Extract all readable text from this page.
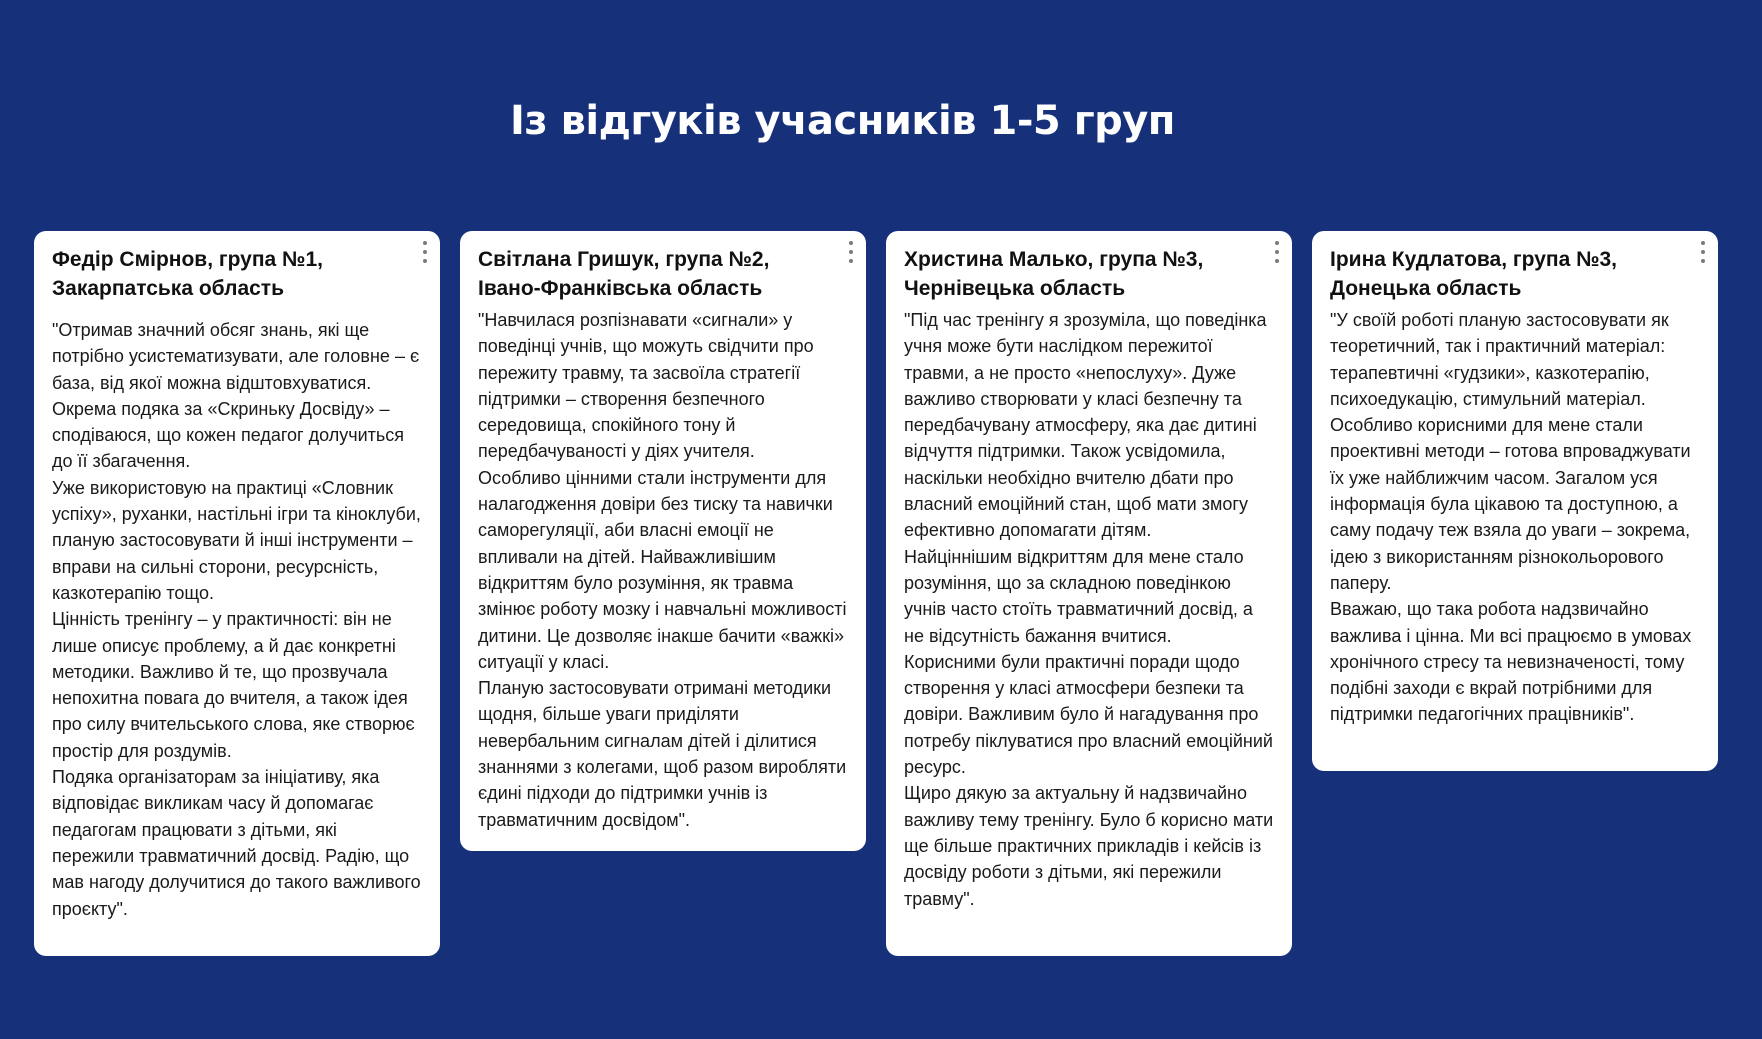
Із відгуків учасників 1-5 груп
Федір Смірнов, група №1, Закарпатська область

"Отримав значний обсяг знань, які ще потрібно усистематизувати, але головне – є база, від якої можна відштовхуватися. Окрема подяка за «Скриньку Досвіду» – сподіваюся, що кожен педагог долучиться до її збагачення.
Уже використовую на практиці «Словник успіху», руханки, настільні ігри та кіноклуби, планую застосовувати й інші інструменти – вправи на сильні сторони, ресурсність, казкотерапію тощо.
Цінність тренінгу – у практичності: він не лише описує проблему, а й дає конкретні методики. Важливо й те, що прозвучала непохитна повага до вчителя, а також ідея про силу вчительського слова, яке створює простір для роздумів.
Подяка організаторам за ініціативу, яка відповідає викликам часу й допомагає педагогам працювати з дітьми, які пережили травматичний досвід. Радію, що мав нагоду долучитися до такого важливого проєкту".

Світлана Гришук, група №2, Івано-Франківська область

"Навчилася розпізнавати «сигнали» у поведінці учнів, що можуть свідчити про пережиту травму, та засвоїла стратегії підтримки – створення безпечного середовища, спокійного тону й передбачуваності у діях учителя.
Особливо цінними стали інструменти для налагодження довіри без тиску та навички саморегуляції, аби власні емоції не впливали на дітей. Найважливішим відкриттям було розуміння, як травма змінює роботу мозку і навчальні можливості дитини. Це дозволяє інакше бачити «важкі» ситуації у класі.
Планую застосовувати отримані методики щодня, більше уваги приділяти невербальним сигналам дітей і ділитися знаннями з колегами, щоб разом виробляти єдині підходи до підтримки учнів із травматичним досвідом".

Христина Малько, група №3, Чернівецька область

"Під час тренінгу я зрозуміла, що поведінка учня може бути наслідком пережитої травми, а не просто «непослуху». Дуже важливо створювати у класі безпечну та передбачувану атмосферу, яка дає дитині відчуття підтримки. Також усвідомила, наскільки необхідно вчителю дбати про власний емоційний стан, щоб мати змогу ефективно допомагати дітям.
Найціннішим відкриттям для мене стало розуміння, що за складною поведінкою учнів часто стоїть травматичний досвід, а не відсутність бажання вчитися.
Корисними були практичні поради щодо створення у класі атмосфери безпеки та довіри. Важливим було й нагадування про потребу піклуватися про власний емоційний ресурс.
Щиро дякую за актуальну й надзвичайно важливу тему тренінгу. Було б корисно мати ще більше практичних прикладів і кейсів із досвіду роботи з дітьми, які пережили травму".

Ірина Кудлатова, група №3, Донецька область

"У своїй роботі планую застосовувати як теоретичний, так і практичний матеріал: терапевтичні «гудзики», казкотерапію, психоедукацію, стимульний матеріал. Особливо корисними для мене стали проективні методи – готова впроваджувати їх уже найближчим часом. Загалом уся інформація була цікавою та доступною, а саму подачу теж взяла до уваги – зокрема, ідею з використанням різнокольорового паперу.
Вважаю, що така робота надзвичайно важлива і цінна. Ми всі працюємо в умовах хронічного стресу та невизначеності, тому подібні заходи є вкрай потрібними для підтримки педагогічних працівників".
